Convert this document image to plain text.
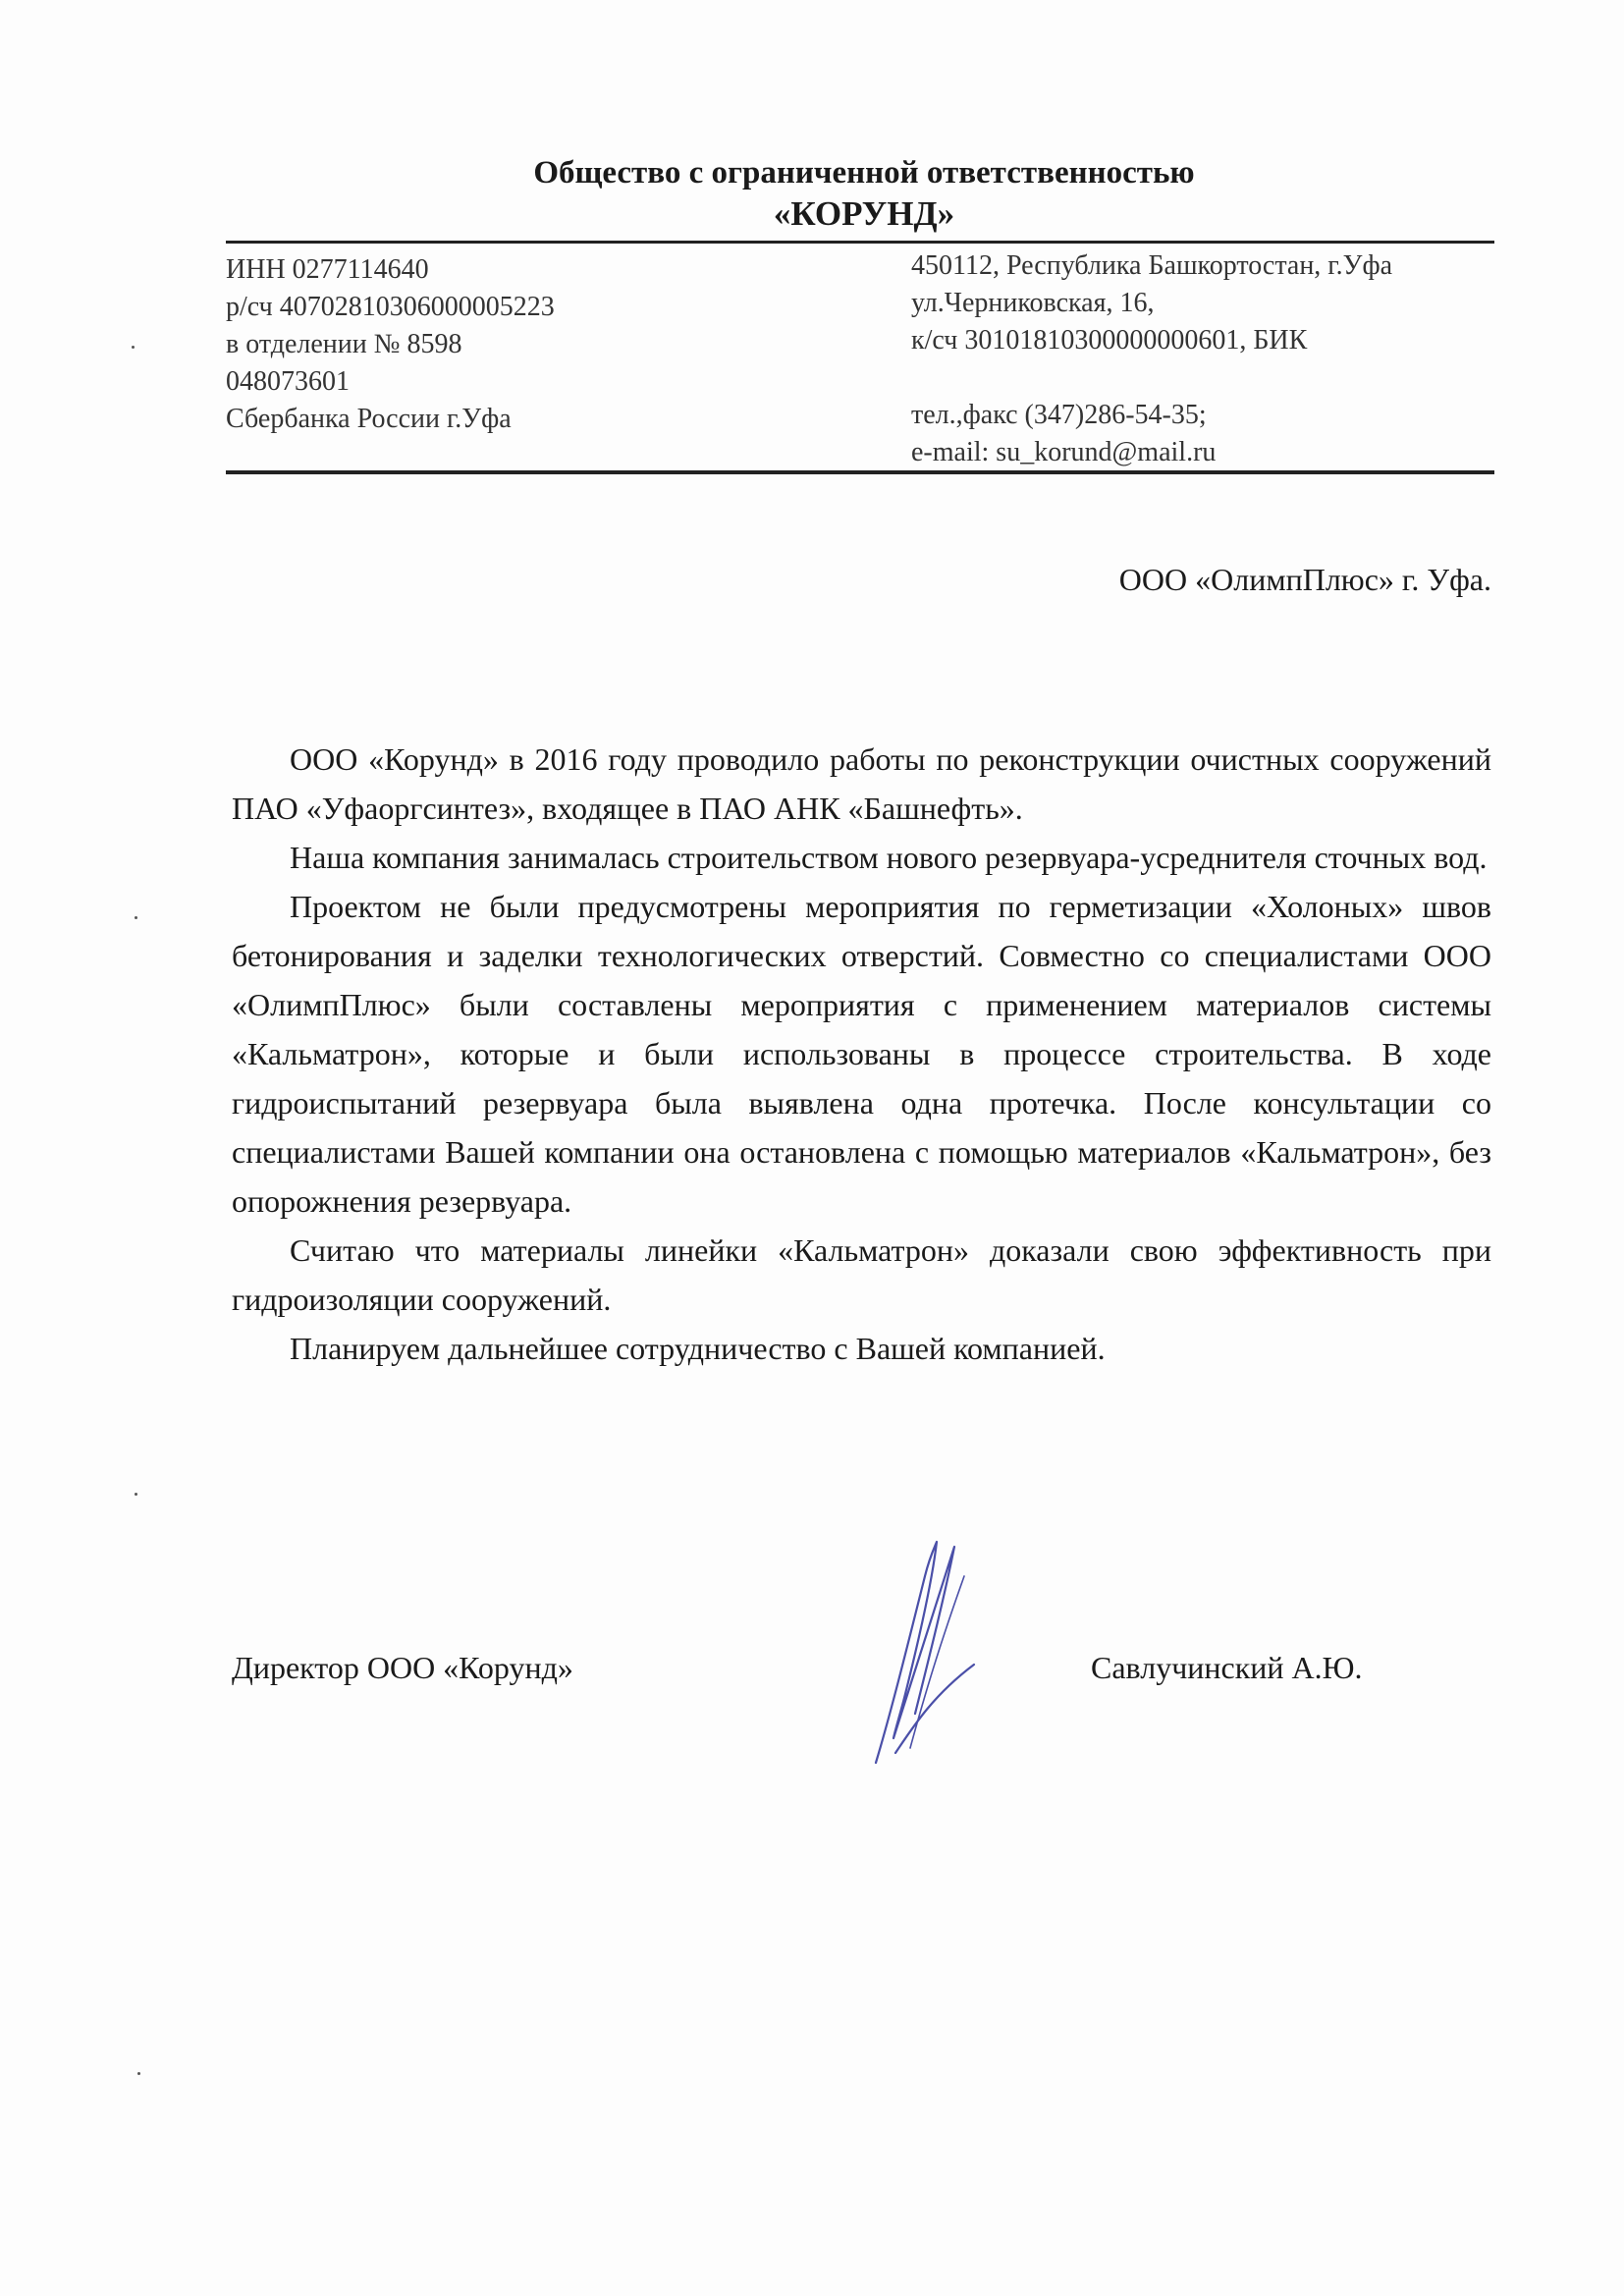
Общество с ограниченной ответственностью
«КОРУНД»
ИНН 0277114640
р/сч 40702810306000005223
в отделении № 8598
048073601
Сбербанка России г.Уфа
450112, Республика Башкортостан, г.Уфа
ул.Черниковская, 16,
к/сч 30101810300000000601, БИК
тел.,факс (347)286-54-35;
e-mail: su_korund@mail.ru
ООО «ОлимпПлюс» г. Уфа.

ООО «Корунд» в 2016 году проводило работы по реконструкции очистных сооружений ПАО «Уфаоргсинтез», входящее в ПАО АНК «Башнефть».

Наша компания занималась строительством нового резервуара-усреднителя сточных вод.

Проектом не были предусмотрены мероприятия по герметизации «Холоных» швов бетонирования и заделки технологических отверстий. Совместно со специалистами ООО «ОлимпПлюс» были составлены мероприятия с применением материалов системы «Кальматрон», которые и были использованы в процессе строительства. В ходе гидроиспытаний резервуара была выявлена одна протечка. После консультации со специалистами Вашей компании она остановлена с помощью материалов «Кальматрон», без опорожнения резервуара.

Считаю что материалы линейки «Кальматрон» доказали свою эффективность при гидроизоляции сооружений.

Планируем дальнейшее сотрудничество с Вашей компанией.

Директор ООО «Корунд»	Савлучинский А.Ю.
